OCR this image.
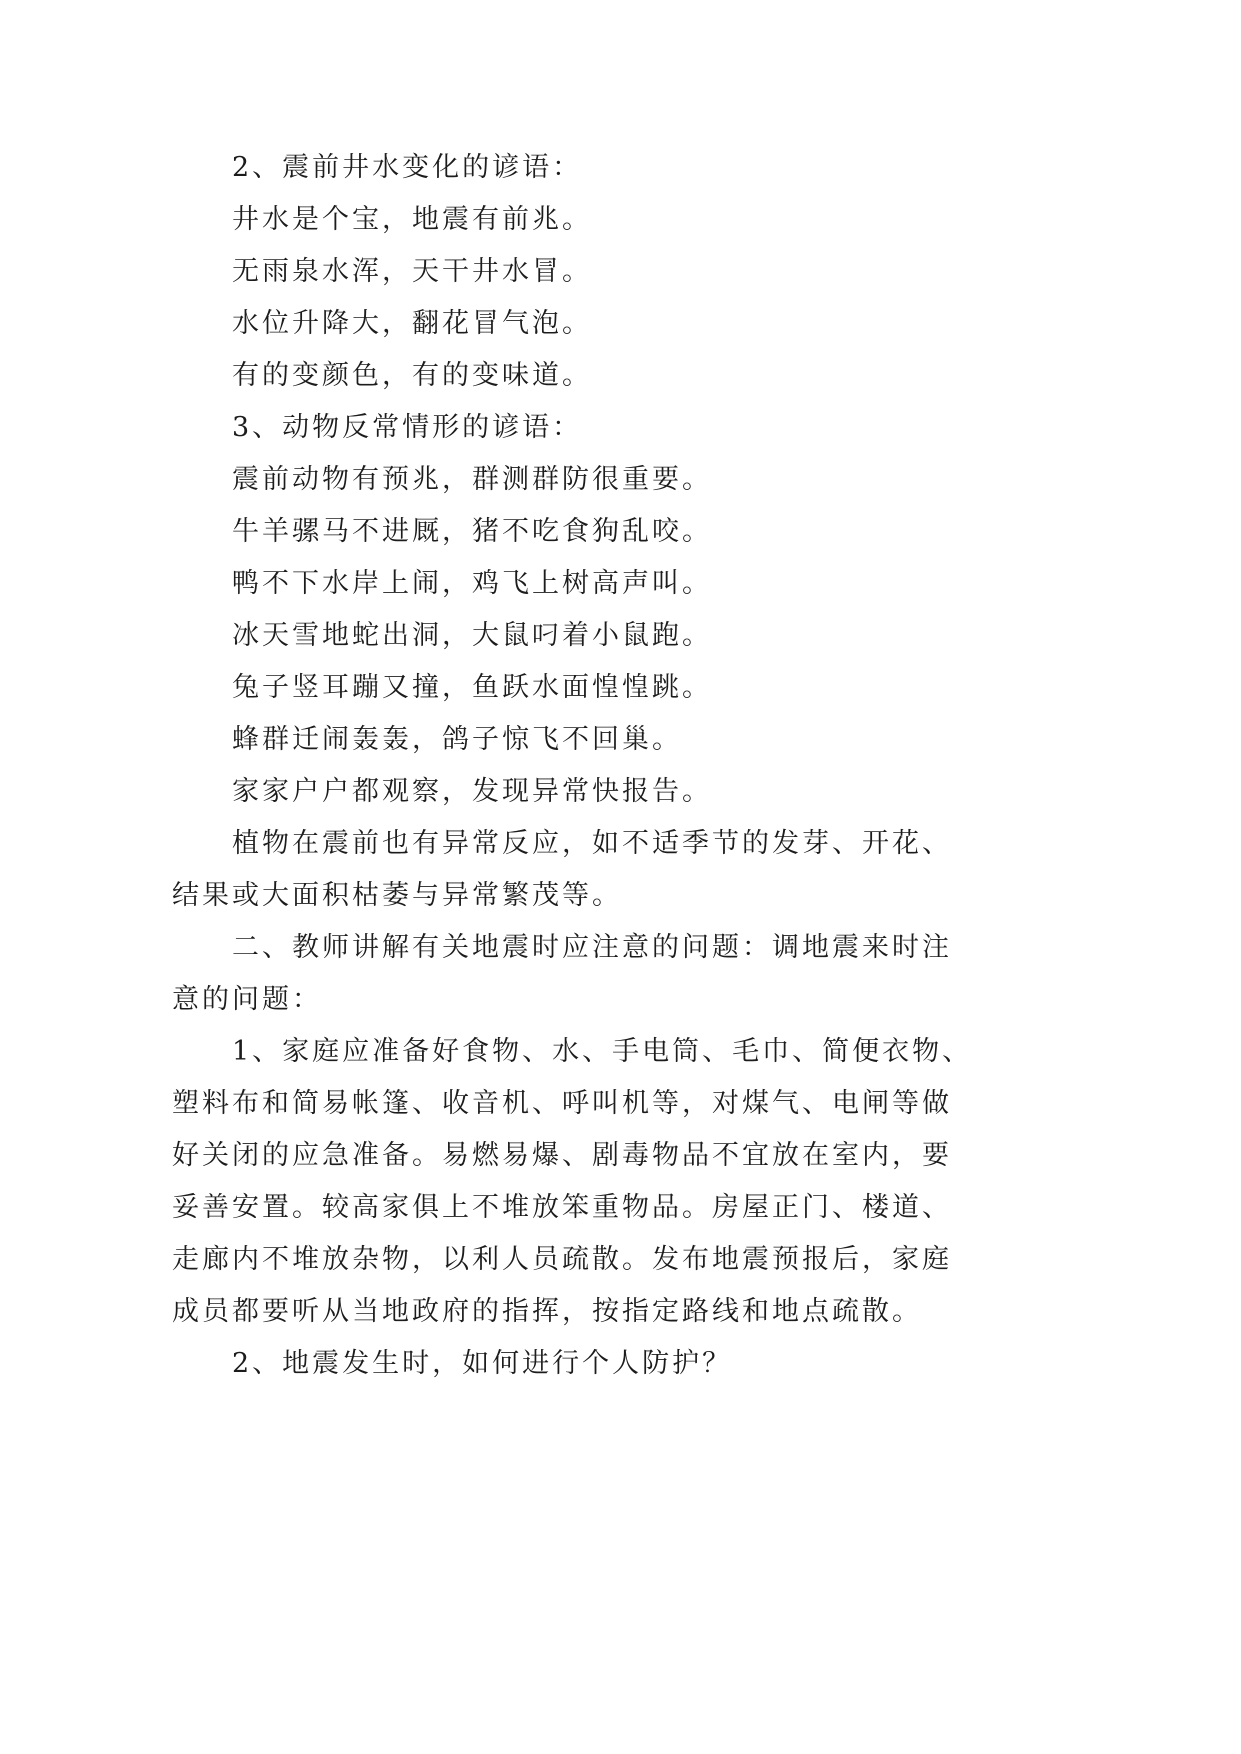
2、震前井水变化的谚语：
井水是个宝，地震有前兆。
无雨泉水浑，天干井水冒。
水位升降大，翻花冒气泡。
有的变颜色，有的变味道。
3、动物反常情形的谚语：
震前动物有预兆，群测群防很重要。
牛羊骡马不进厩，猪不吃食狗乱咬。
鸭不下水岸上闹，鸡飞上树高声叫。
冰天雪地蛇出洞，大鼠叼着小鼠跑。
兔子竖耳蹦又撞，鱼跃水面惶惶跳。
蜂群迁闹轰轰，鸽子惊飞不回巢。
家家户户都观察，发现异常快报告。
植物在震前也有异常反应，如不适季节的发芽、开花、
结果或大面积枯萎与异常繁茂等。
二、教师讲解有关地震时应注意的问题：调地震来时注
意的问题：
1、家庭应准备好食物、水、手电筒、毛巾、简便衣物、
塑料布和简易帐篷、收音机、呼叫机等，对煤气、电闸等做
好关闭的应急准备。易燃易爆、剧毒物品不宜放在室内，要
妥善安置。较高家俱上不堆放笨重物品。房屋正门、楼道、
走廊内不堆放杂物，以利人员疏散。发布地震预报后，家庭
成员都要听从当地政府的指挥，按指定路线和地点疏散。
2、地震发生时，如何进行个人防护？
